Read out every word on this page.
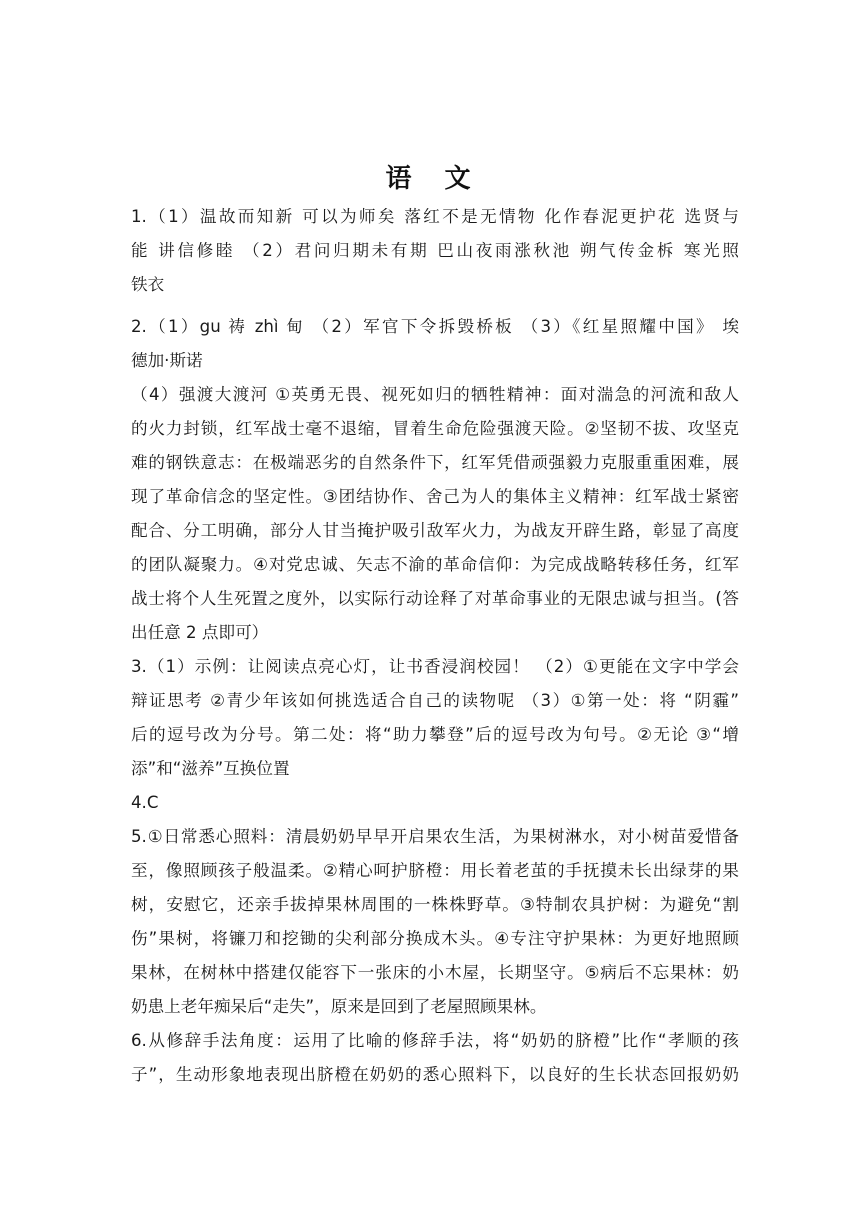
语 文
1.（1）温故而知新 可以为师矣 落红不是无情物 化作春泥更护花 选贤与
能 讲信修睦 （2）君问归期未有期 巴山夜雨涨秋池 朔气传金柝 寒光照
铁衣
2.（1）gu 祷 zhì 甸 （2）军官下令拆毁桥板 （3）《红星照耀中国》 埃
德加·斯诺
（4）强渡大渡河 ①英勇无畏、视死如归的牺牲精神：面对湍急的河流和敌人
的火力封锁，红军战士毫不退缩，冒着生命危险强渡天险。②坚韧不拔、攻坚克
难的钢铁意志：在极端恶劣的自然条件下，红军凭借顽强毅力克服重重困难，展
现了革命信念的坚定性。③团结协作、舍己为人的集体主义精神：红军战士紧密
配合、分工明确，部分人甘当掩护吸引敌军火力，为战友开辟生路，彰显了高度
的团队凝聚力。④对党忠诚、矢志不渝的革命信仰：为完成战略转移任务，红军
战士将个人生死置之度外，以实际行动诠释了对革命事业的无限忠诚与担当。(答
出任意 2 点即可）
3.（1）示例：让阅读点亮心灯，让书香浸润校园！ （2）①更能在文字中学会
辩证思考 ②青少年该如何挑选适合自己的读物呢 （3）①第一处：将 “阴霾”
后的逗号改为分号。第二处：将“助力攀登”后的逗号改为句号。②无论 ③“增
添”和“滋养”互换位置
4.C
5.①日常悉心照料：清晨奶奶早早开启果农生活，为果树淋水，对小树苗爱惜备
至，像照顾孩子般温柔。②精心呵护脐橙：用长着老茧的手抚摸未长出绿芽的果
树，安慰它，还亲手拔掉果林周围的一株株野草。③特制农具护树：为避免“割
伤”果树，将镰刀和挖锄的尖利部分换成木头。④专注守护果林：为更好地照顾
果林，在树林中搭建仅能容下一张床的小木屋，长期坚守。⑤病后不忘果林：奶
奶患上老年痴呆后“走失”，原来是回到了老屋照顾果林。
6.从修辞手法角度：运用了比喻的修辞手法，将“奶奶的脐橙”比作“孝顺的孩
子”，生动形象地表现出脐橙在奶奶的悉心照料下，以良好的生长状态回报奶奶
